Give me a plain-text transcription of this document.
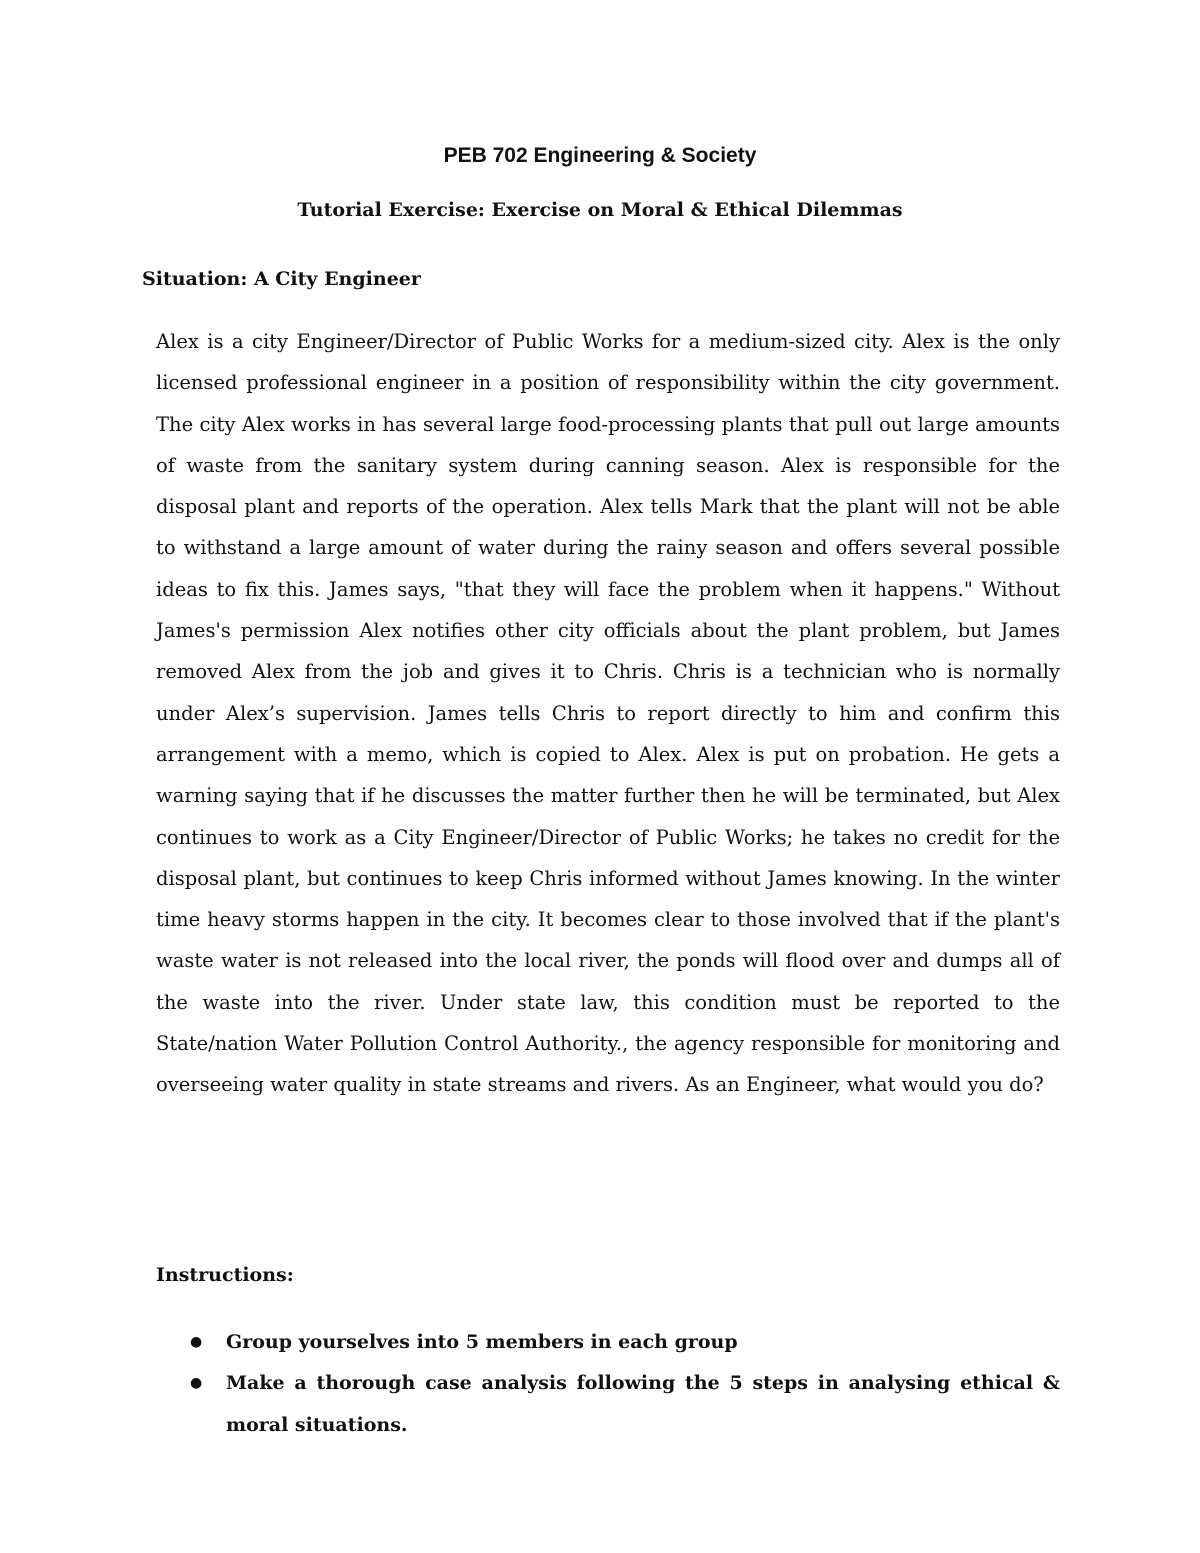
PEB 702 Engineering & Society
Tutorial Exercise: Exercise on Moral & Ethical Dilemmas
Situation: A City Engineer

Alex is a city Engineer/Director of Public Works for a medium-sized city. Alex is the only licensed professional engineer in a position of responsibility within the city government. The city Alex works in has several large food-processing plants that pull out large amounts of waste from the sanitary system during canning season. Alex is responsible for the disposal plant and reports of the operation. Alex tells Mark that the plant will not be able to withstand a large amount of water during the rainy season and offers several possible ideas to fix this. James says, "that they will face the problem when it happens." Without James's permission Alex notifies other city officials about the plant problem, but James removed Alex from the job and gives it to Chris. Chris is a technician who is normally under Alex’s supervision. James tells Chris to report directly to him and confirm this arrangement with a memo, which is copied to Alex. Alex is put on probation. He gets a warning saying that if he discusses the matter further then he will be terminated, but Alex continues to work as a City Engineer/Director of Public Works; he takes no credit for the disposal plant, but continues to keep Chris informed without James knowing. In the winter time heavy storms happen in the city. It becomes clear to those involved that if the plant's waste water is not released into the local river, the ponds will flood over and dumps all of the waste into the river. Under state law, this condition must be reported to the State/nation Water Pollution Control Authority., the agency responsible for monitoring and overseeing water quality in state streams and rivers. As an Engineer, what would you do?

Instructions:
● Group yourselves into 5 members in each group
● Make a thorough case analysis following the 5 steps in analysing ethical & moral situations.
